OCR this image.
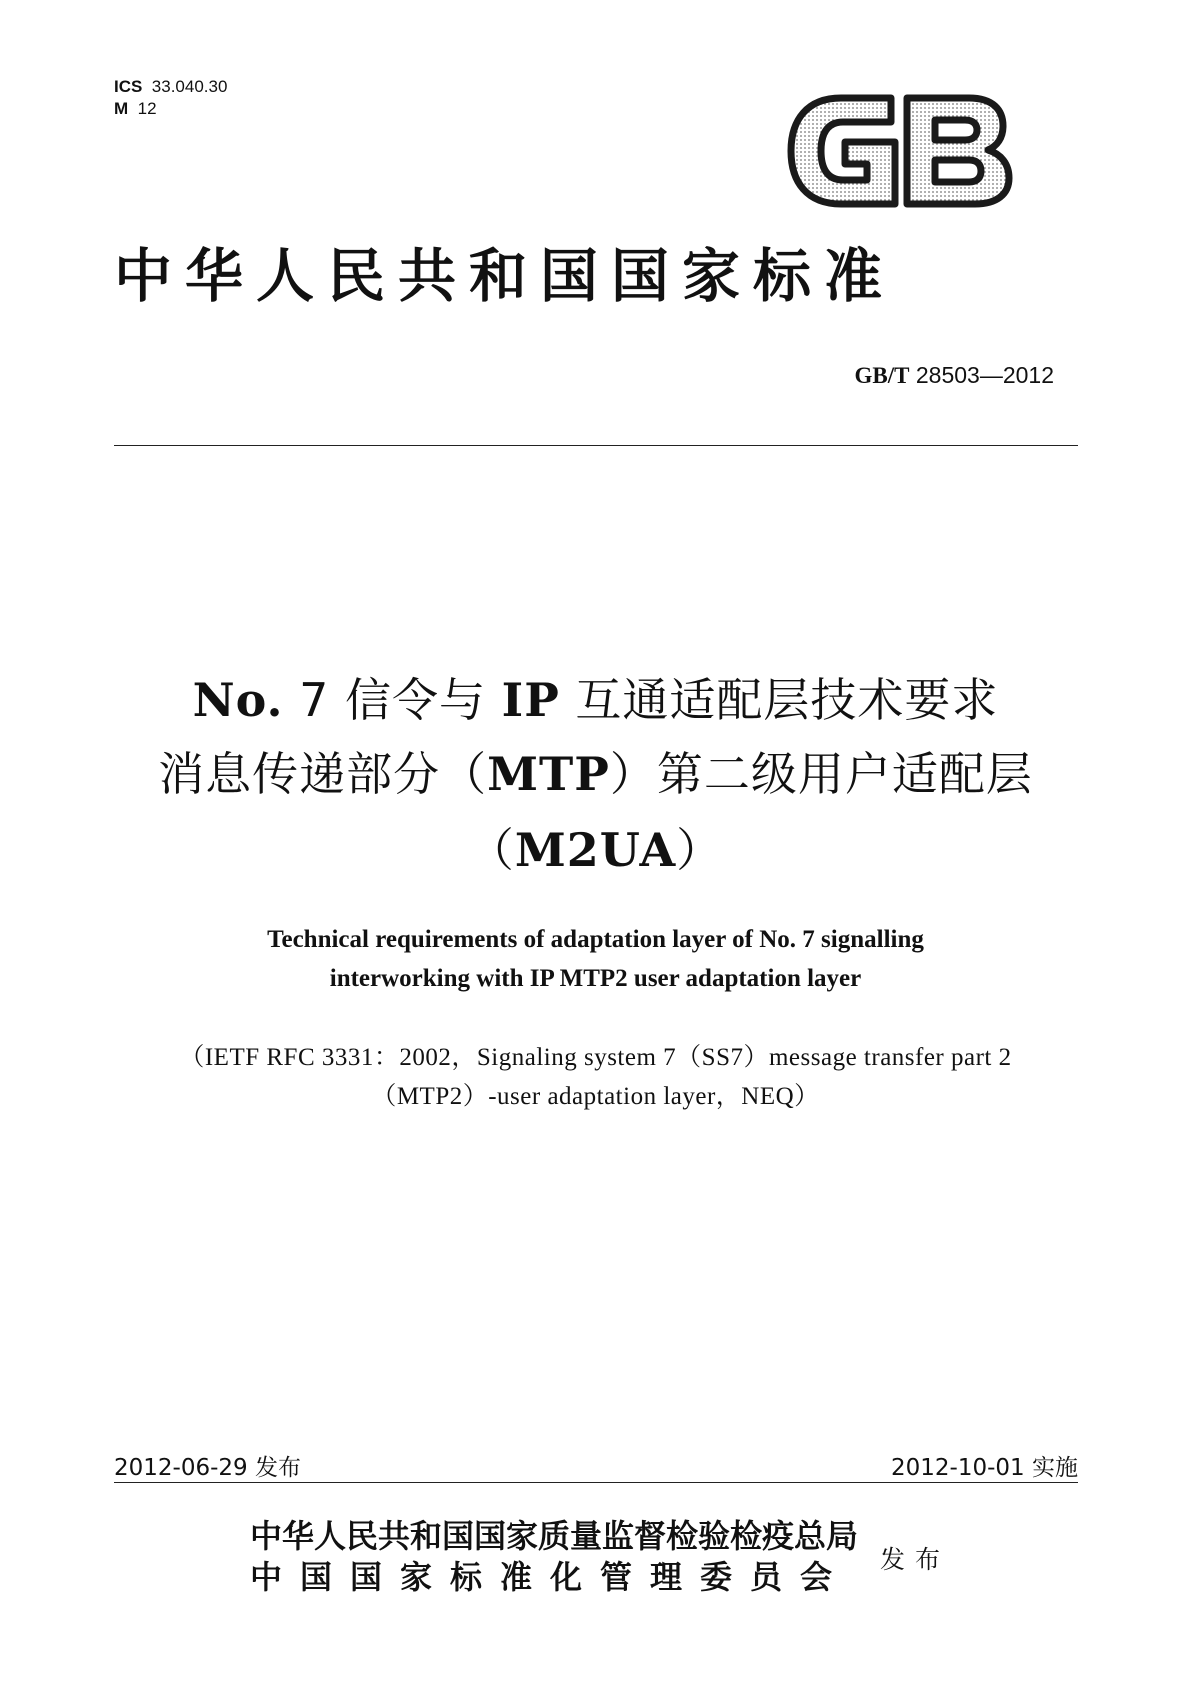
ICS 33.040.30
M 12
中华人民共和国国家标准
GB/T 28503—2012
No. 7 信令与 IP 互通适配层技术要求
消息传递部分（MTP）第二级用户适配层
（M2UA）
Technical requirements of adaptation layer of No. 7 signalling
interworking with IP MTP2 user adaptation layer
（IETF RFC 3331：2002，Signaling system 7（SS7）message transfer part 2
（MTP2）-user adaptation layer，NEQ）
2012-06-29 发布	2012-10-01 实施
中华人民共和国国家质量监督检验检疫总局
中国国家标准化管理委员会 发布
